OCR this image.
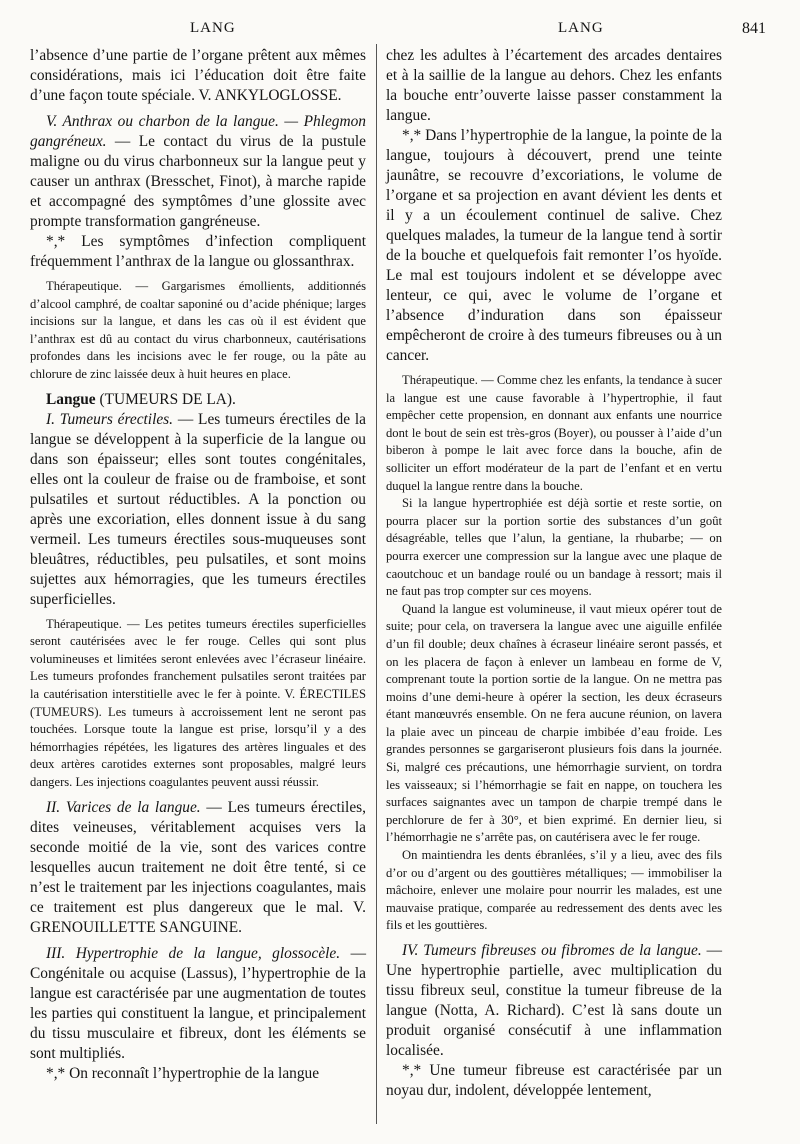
LANG	LANG	841

l’absence d’une partie de l’organe prêtent aux mêmes considérations, mais ici l’éducation doit être faite d’une façon toute spéciale. V. ANKYLOGLOSSE.

V. Anthrax ou charbon de la langue. — Phlegmon gangréneux. — Le contact du virus de la pustule maligne ou du virus charbonneux sur la langue peut y causer un anthrax (Bresschet, Finot), à marche rapide et accompagné des symptômes d’une glossite avec prompte transformation gangréneuse.

*,* Les symptômes d’infection compliquent fréquemment l’anthrax de la langue ou glossanthrax.

Thérapeutique. — Gargarismes émollients, additionnés d’alcool camphré, de coaltar saponiné ou d’acide phénique; larges incisions sur la langue, et dans les cas où il est évident que l’anthrax est dû au contact du virus charbonneux, cautérisations profondes dans les incisions avec le fer rouge, ou la pâte au chlorure de zinc laissée deux à huit heures en place.

Langue (TUMEURS DE LA).

I. Tumeurs érectiles. — Les tumeurs érectiles de la langue se développent à la superficie de la langue ou dans son épaisseur; elles sont toutes congénitales, elles ont la couleur de fraise ou de framboise, et sont pulsatiles et surtout réductibles. A la ponction ou après une excoriation, elles donnent issue à du sang vermeil. Les tumeurs érectiles sous-muqueuses sont bleuâtres, réductibles, peu pulsatiles, et sont moins sujettes aux hémorragies, que les tumeurs érectiles superficielles.

Thérapeutique. — Les petites tumeurs érectiles superficielles seront cautérisées avec le fer rouge. Celles qui sont plus volumineuses et limitées seront enlevées avec l’écraseur linéaire. Les tumeurs profondes franchement pulsatiles seront traitées par la cautérisation interstitielle avec le fer à pointe. V. ÉRECTILES (TUMEURS). Les tumeurs à accroissement lent ne seront pas touchées. Lorsque toute la langue est prise, lorsqu’il y a des hémorrhagies répétées, les ligatures des artères linguales et des deux artères carotides externes sont proposables, malgré leurs dangers. Les injections coagulantes peuvent aussi réussir.

II. Varices de la langue. — Les tumeurs érectiles, dites veineuses, véritablement acquises vers la seconde moitié de la vie, sont des varices contre lesquelles aucun traitement ne doit être tenté, si ce n’est le traitement par les injections coagulantes, mais ce traitement est plus dangereux que le mal. V. GRENOUILLETTE SANGUINE.

III. Hypertrophie de la langue, glossocèle. —Congénitale ou acquise (Lassus), l’hypertrophie de la langue est caractérisée par une augmentation de toutes les parties qui constituent la langue, et principalement du tissu musculaire et fibreux, dont les éléments se sont multipliés.

*,* On reconnaît l’hypertrophie de la langue

chez les adultes à l’écartement des arcades dentaires et à la saillie de la langue au dehors. Chez les enfants la bouche entr’ouverte laisse passer constamment la langue.

*,* Dans l’hypertrophie de la langue, la pointe de la langue, toujours à découvert, prend une teinte jaunâtre, se recouvre d’excoriations, le volume de l’organe et sa projection en avant dévient les dents et il y a un écoulement continuel de salive. Chez quelques malades, la tumeur de la langue tend à sortir de la bouche et quelquefois fait remonter l’os hyoïde. Le mal est toujours indolent et se développe avec lenteur, ce qui, avec le volume de l’organe et l’absence d’induration dans son épaisseur empêcheront de croire à des tumeurs fibreuses ou à un cancer.

Thérapeutique. — Comme chez les enfants, la tendance à sucer la langue est une cause favorable à l’hypertrophie, il faut empêcher cette propension, en donnant aux enfants une nourrice dont le bout de sein est très-gros (Boyer), ou pousser à l’aide d’un biberon à pompe le lait avec force dans la bouche, afin de solliciter un effort modérateur de la part de l’enfant et en vertu duquel la langue rentre dans la bouche.

Si la langue hypertrophiée est déjà sortie et reste sortie, on pourra placer sur la portion sortie des substances d’un goût désagréable, telles que l’alun, la gentiane, la rhubarbe; — on pourra exercer une compression sur la langue avec une plaque de caoutchouc et un bandage roulé ou un bandage à ressort; mais il ne faut pas trop compter sur ces moyens.

Quand la langue est volumineuse, il vaut mieux opérer tout de suite; pour cela, on traversera la langue avec une aiguille enfilée d’un fil double; deux chaînes à écraseur linéaire seront passés, et on les placera de façon à enlever un lambeau en forme de V, comprenant toute la portion sortie de la langue. On ne mettra pas moins d’une demi-heure à opérer la section, les deux écraseurs étant manœuvrés ensemble. On ne fera aucune réunion, on lavera la plaie avec un pinceau de charpie imbibée d’eau froide. Les grandes personnes se gargariseront plusieurs fois dans la journée. Si, malgré ces précautions, une hémorrhagie survient, on tordra les vaisseaux; si l’hémorrhagie se fait en nappe, on touchera les surfaces saignantes avec un tampon de charpie trempé dans le perchlorure de fer à 30°, et bien exprimé. En dernier lieu, si l’hémorrhagie ne s’arrête pas, on cautérisera avec le fer rouge.

On maintiendra les dents ébranlées, s’il y a lieu, avec des fils d’or ou d’argent ou des gouttières métalliques; — immobiliser la mâchoire, enlever une molaire pour nourrir les malades, est une mauvaise pratique, comparée au redressement des dents avec les fils et les gouttières.

IV. Tumeurs fibreuses ou fibromes de la langue. — Une hypertrophie partielle, avec multiplication du tissu fibreux seul, constitue la tumeur fibreuse de la langue (Notta, A. Richard). C’est là sans doute un produit organisé consécutif à une inflammation localisée.

*,* Une tumeur fibreuse est caractérisée par un noyau dur, indolent, développée lentement,
